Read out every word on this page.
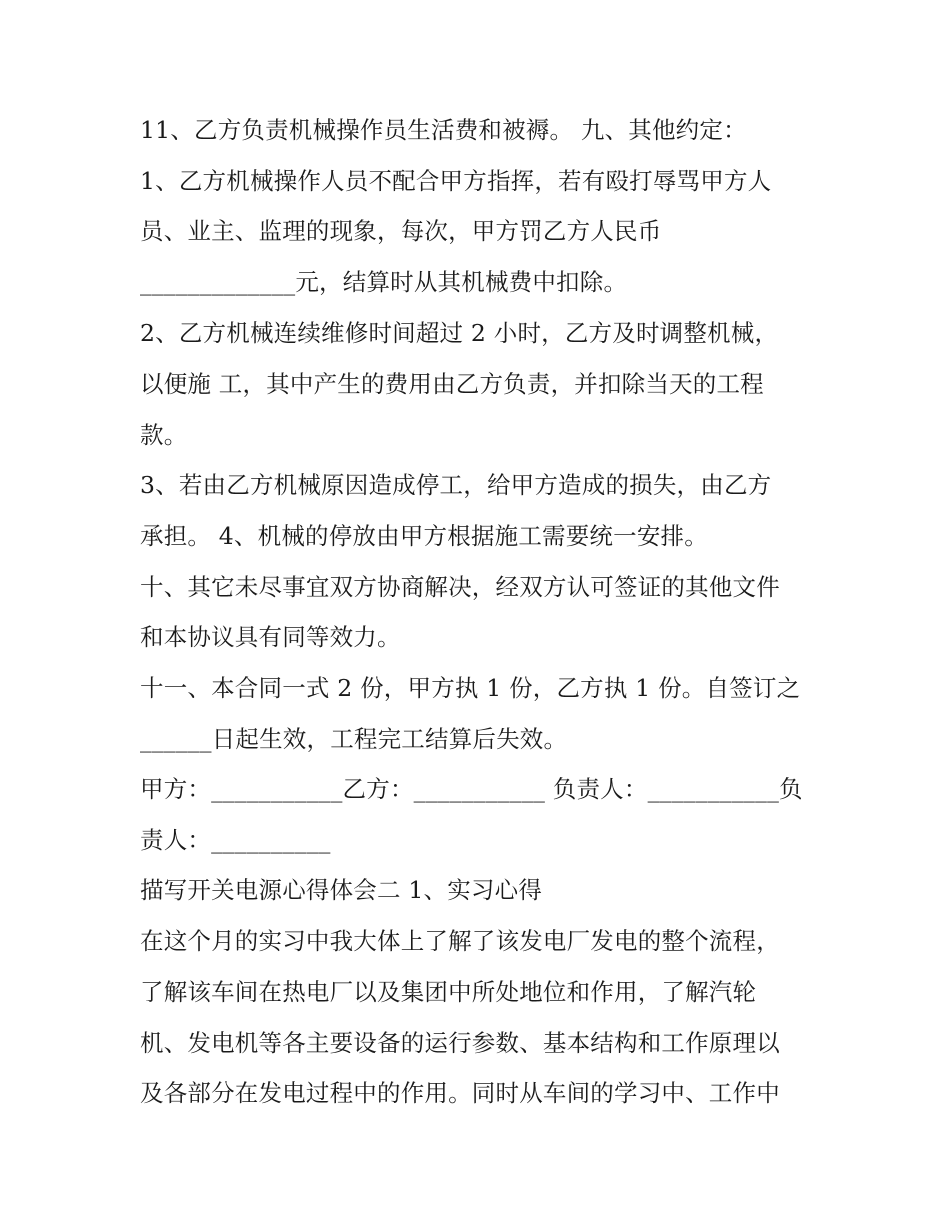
11、乙方负责机械操作员生活费和被褥。 九、其他约定：
1、乙方机械操作人员不配合甲方指挥，若有殴打辱骂甲方人
员、业主、监理的现象，每次，甲方罚乙方人民币
_____________元，结算时从其机械费中扣除。
2、乙方机械连续维修时间超过 2 小时，乙方及时调整机械，
以便施 工，其中产生的费用由乙方负责，并扣除当天的工程
款。
3、若由乙方机械原因造成停工，给甲方造成的损失，由乙方
承担。 4、机械的停放由甲方根据施工需要统一安排。
十、其它未尽事宜双方协商解决，经双方认可签证的其他文件
和本协议具有同等效力。
十一、本合同一式 2 份，甲方执 1 份，乙方执 1 份。自签订之
______日起生效，工程完工结算后失效。
甲方：___________乙方：___________ 负责人：___________负
责人：__________
描写开关电源心得体会二 1、实习心得
在这个月的实习中我大体上了解了该发电厂发电的整个流程，
了解该车间在热电厂以及集团中所处地位和作用，了解汽轮
机、发电机等各主要设备的运行参数、基本结构和工作原理以
及各部分在发电过程中的作用。同时从车间的学习中、工作中
